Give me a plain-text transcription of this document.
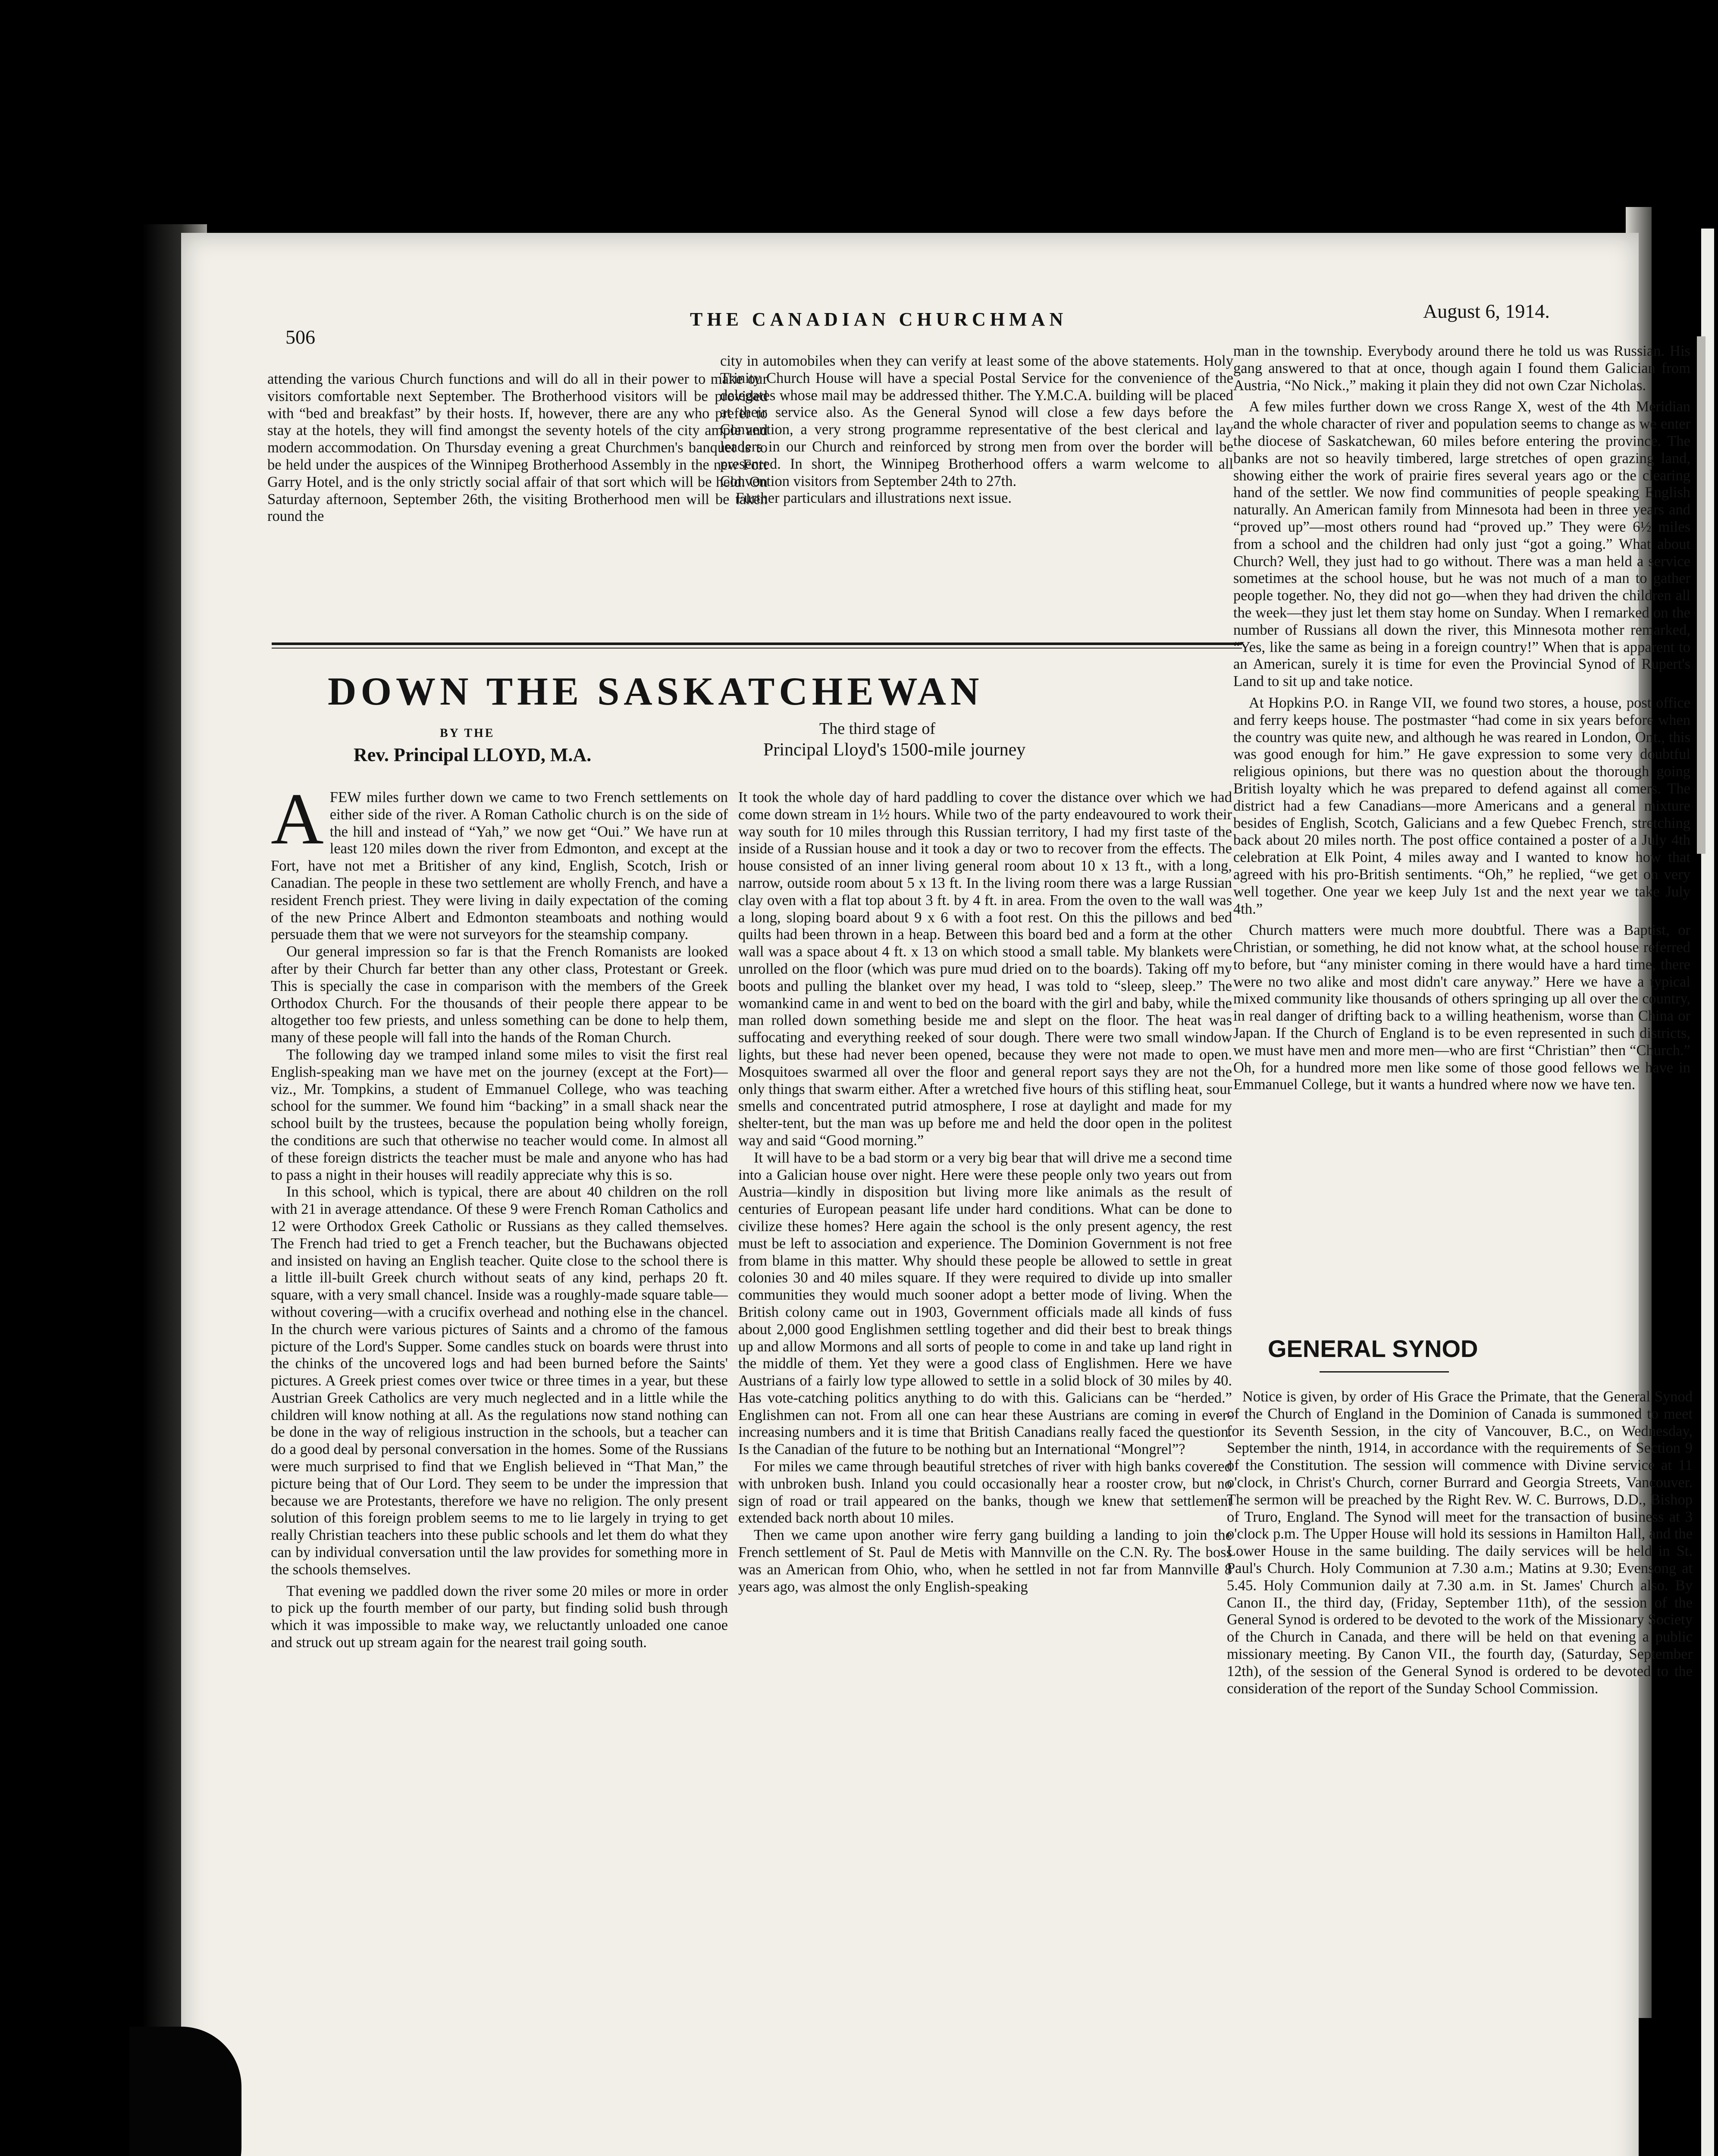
506
THE CANADIAN CHURCHMAN	August 6, 1914.

attending the various Church functions and will do all in their power to make our visitors comfortable next September. The Brotherhood visitors will be provided with “bed and breakfast” by their hosts. If, however, there are any who prefer to stay at the hotels, they will find amongst the seventy hotels of the city ample and modern accommodation. On Thursday evening a great Churchmen's banquet is to be held under the auspices of the Winnipeg Brotherhood Assembly in the new Fort Garry Hotel, and is the only strictly social affair of that sort which will be held. On Saturday afternoon, September 26th, the visiting Brotherhood men will be taken round the

city in automobiles when they can verify at least some of the above statements. Holy Trinity Church House will have a special Postal Service for the convenience of the delegates whose mail may be addressed thither. The Y.M.C.A. building will be placed at their service also. As the General Synod will close a few days before the Convention, a very strong programme representative of the best clerical and lay leaders in our Church and reinforced by strong men from over the border will be presented. In short, the Winnipeg Brotherhood offers a warm welcome to all Convention visitors from September 24th to 27th.

Further particulars and illustrations next issue.

DOWN THE SASKATCHEWAN
BY THE
Rev. Principal LLOYD, M.A.
The third stage of
Principal Lloyd's 1500-mile journey

AFEW miles further down we came to two French settlements on either side of the river. A Roman Catholic church is on the side of the hill and instead of “Yah,” we now get “Oui.” We have run at least 120 miles down the river from Edmonton, and except at the Fort, have not met a Britisher of any kind, English, Scotch, Irish or Canadian. The people in these two settlement are wholly French, and have a resident French priest. They were living in daily expectation of the coming of the new Prince Albert and Edmonton steamboats and nothing would persuade them that we were not surveyors for the steamship company.

Our general impression so far is that the French Romanists are looked after by their Church far better than any other class, Protestant or Greek. This is specially the case in comparison with the members of the Greek Orthodox Church. For the thousands of their people there appear to be altogether too few priests, and unless something can be done to help them, many of these people will fall into the hands of the Roman Church.

The following day we tramped inland some miles to visit the first real English-speaking man we have met on the journey (except at the Fort)—viz., Mr. Tompkins, a student of Emmanuel College, who was teaching school for the summer. We found him “backing” in a small shack near the school built by the trustees, because the population being wholly foreign, the conditions are such that otherwise no teacher would come. In almost all of these foreign districts the teacher must be male and anyone who has had to pass a night in their houses will readily appreciate why this is so.

In this school, which is typical, there are about 40 children on the roll with 21 in average attendance. Of these 9 were French Roman Catholics and 12 were Orthodox Greek Catholic or Russians as they called themselves. The French had tried to get a French teacher, but the Buchawans objected and insisted on having an English teacher. Quite close to the school there is a little ill-built Greek church without seats of any kind, perhaps 20 ft. square, with a very small chancel. Inside was a roughly-made square table—without covering—with a crucifix overhead and nothing else in the chancel. In the church were various pictures of Saints and a chromo of the famous picture of the Lord's Supper. Some candles stuck on boards were thrust into the chinks of the uncovered logs and had been burned before the Saints' pictures. A Greek priest comes over twice or three times in a year, but these Austrian Greek Catholics are very much neglected and in a little while the children will know nothing at all. As the regulations now stand nothing can be done in the way of religious instruction in the schools, but a teacher can do a good deal by personal conversation in the homes. Some of the Russians were much surprised to find that we English believed in “That Man,” the picture being that of Our Lord. They seem to be under the impression that because we are Protestants, therefore we have no religion. The only present solution of this foreign problem seems to me to lie largely in trying to get really Christian teachers into these public schools and let them do what they can by individual conversation until the law provides for something more in the schools themselves.

That evening we paddled down the river some 20 miles or more in order to pick up the fourth member of our party, but finding solid bush through which it was impossible to make way, we reluctantly unloaded one canoe and struck out up stream again for the nearest trail going south.

It took the whole day of hard paddling to cover the distance over which we had come down stream in 1½ hours. While two of the party endeavoured to work their way south for 10 miles through this Russian territory, I had my first taste of the inside of a Russian house and it took a day or two to recover from the effects. The house consisted of an inner living general room about 10 x 13 ft., with a long, narrow, outside room about 5 x 13 ft. In the living room there was a large Russian clay oven with a flat top about 3 ft. by 4 ft. in area. From the oven to the wall was a long, sloping board about 9 x 6 with a foot rest. On this the pillows and bed quilts had been thrown in a heap. Between this board bed and a form at the other wall was a space about 4 ft. x 13 on which stood a small table. My blankets were unrolled on the floor (which was pure mud dried on to the boards). Taking off my boots and pulling the blanket over my head, I was told to “sleep, sleep.” The womankind came in and went to bed on the board with the girl and baby, while the man rolled down something beside me and slept on the floor. The heat was suffocating and everything reeked of sour dough. There were two small window lights, but these had never been opened, because they were not made to open. Mosquitoes swarmed all over the floor and general report says they are not the only things that swarm either. After a wretched five hours of this stifling heat, sour smells and concentrated putrid atmosphere, I rose at daylight and made for my shelter-tent, but the man was up before me and held the door open in the politest way and said “Good morning.”

It will have to be a bad storm or a very big bear that will drive me a second time into a Galician house over night. Here were these people only two years out from Austria—kindly in disposition but living more like animals as the result of centuries of European peasant life under hard conditions. What can be done to civilize these homes? Here again the school is the only present agency, the rest must be left to association and experience. The Dominion Government is not free from blame in this matter. Why should these people be allowed to settle in great colonies 30 and 40 miles square. If they were required to divide up into smaller communities they would much sooner adopt a better mode of living. When the British colony came out in 1903, Government officials made all kinds of fuss about 2,000 good Englishmen settling together and did their best to break things up and allow Mormons and all sorts of people to come in and take up land right in the middle of them. Yet they were a good class of Englishmen. Here we have Austrians of a fairly low type allowed to settle in a solid block of 30 miles by 40. Has vote-catching politics anything to do with this. Galicians can be “herded.” Englishmen can not. From all one can hear these Austrians are coming in ever-increasing numbers and it is time that British Canadians really faced the question. Is the Canadian of the future to be nothing but an International “Mongrel”?

For miles we came through beautiful stretches of river with high banks covered with unbroken bush. Inland you could occasionally hear a rooster crow, but no sign of road or trail appeared on the banks, though we knew that settlement extended back north about 10 miles.

Then we came upon another wire ferry gang building a landing to join the French settlement of St. Paul de Metis with Mannville on the C.N. Ry. The boss was an American from Ohio, who, when he settled in not far from Mannville 8 years ago, was almost the only English-speaking

man in the township. Everybody around there he told us was Russian. His gang answered to that at once, though again I found them Galician from Austria, “No Nick.,” making it plain they did not own Czar Nicholas.

A few miles further down we cross Range X, west of the 4th Meridian and the whole character of river and population seems to change as we enter the diocese of Saskatchewan, 60 miles before entering the province. The banks are not so heavily timbered, large stretches of open grazing land, showing either the work of prairie fires several years ago or the clearing hand of the settler. We now find communities of people speaking English naturally. An American family from Minnesota had been in three years and “proved up”—most others round had “proved up.” They were 6½ miles from a school and the children had only just “got a going.” What about Church? Well, they just had to go without. There was a man held a service sometimes at the school house, but he was not much of a man to gather people together. No, they did not go—when they had driven the children all the week—they just let them stay home on Sunday. When I remarked on the number of Russians all down the river, this Minnesota mother remarked, “Yes, like the same as being in a foreign country!” When that is apparent to an American, surely it is time for even the Provincial Synod of Rupert's Land to sit up and take notice.

At Hopkins P.O. in Range VII, we found two stores, a house, post office and ferry keeps house. The postmaster “had come in six years before when the country was quite new, and although he was reared in London, Ont., this was good enough for him.” He gave expression to some very doubtful religious opinions, but there was no question about the thorough going British loyalty which he was prepared to defend against all comers. The district had a few Canadians—more Americans and a general mixture besides of English, Scotch, Galicians and a few Quebec French, stretching back about 20 miles north. The post office contained a poster of a July 4th celebration at Elk Point, 4 miles away and I wanted to know how that agreed with his pro-British sentiments. “Oh,” he replied, “we get on very well together. One year we keep July 1st and the next year we take July 4th.”

Church matters were much more doubtful. There was a Baptist, or Christian, or something, he did not know what, at the school house referred to before, but “any minister coming in there would have a hard time, there were no two alike and most didn't care anyway.” Here we have a typical mixed community like thousands of others springing up all over the country, in real danger of drifting back to a willing heathenism, worse than China or Japan. If the Church of England is to be even represented in such districts, we must have men and more men—who are first “Christian” then “Church.” Oh, for a hundred more men like some of those good fellows we have in Emmanuel College, but it wants a hundred where now we have ten.

GENERAL SYNOD

Notice is given, by order of His Grace the Primate, that the General Synod of the Church of England in the Dominion of Canada is summoned to meet for its Seventh Session, in the city of Vancouver, B.C., on Wednesday, September the ninth, 1914, in accordance with the requirements of Section 9 of the Constitution. The session will commence with Divine service at 11 o'clock, in Christ's Church, corner Burrard and Georgia Streets, Vancouver. The sermon will be preached by the Right Rev. W. C. Burrows, D.D., Bishop of Truro, England. The Synod will meet for the transaction of business at 3 o'clock p.m. The Upper House will hold its sessions in Hamilton Hall, and the Lower House in the same building. The daily services will be held in St. Paul's Church. Holy Communion at 7.30 a.m.; Matins at 9.30; Evensong at 5.45. Holy Communion daily at 7.30 a.m. in St. James' Church also. By Canon II., the third day, (Friday, September 11th), of the session of the General Synod is ordered to be devoted to the work of the Missionary Society of the Church in Canada, and there will be held on that evening a public missionary meeting. By Canon VII., the fourth day, (Saturday, September 12th), of the session of the General Synod is ordered to be devoted to the consideration of the report of the Sunday School Commission.
